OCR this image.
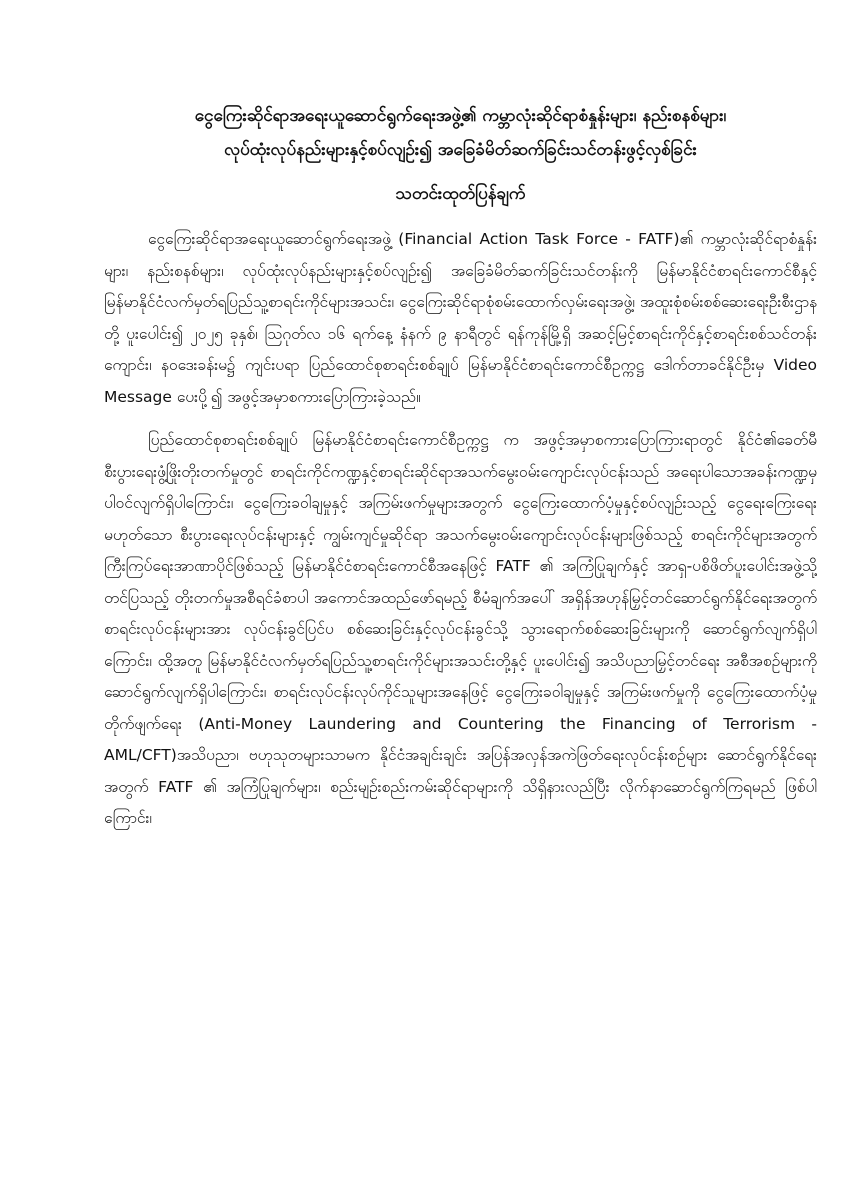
ငွေကြေးဆိုင်ရာအရေးယူဆောင်ရွက်ရေးအဖွဲ့၏ ကမ္ဘာလုံးဆိုင်ရာစံနှုန်းများ၊ နည်းစနစ်များ၊

လုပ်ထုံးလုပ်နည်းများနှင့်စပ်လျဉ်း၍ အခြေခံမိတ်ဆက်ခြင်းသင်တန်းဖွင့်လှစ်ခြင်း

သတင်းထုတ်ပြန်ချက်

ငွေကြေးဆိုင်ရာအရေးယူဆောင်ရွက်ရေးအဖွဲ့ (Financial Action Task Force - FATF)၏ ကမ္ဘာလုံးဆိုင်ရာစံနှုန်းများ၊ နည်းစနစ်များ၊ လုပ်ထုံးလုပ်နည်းများနှင့်စပ်လျဉ်း၍ အခြေခံမိတ်ဆက်ခြင်းသင်တန်းကို မြန်မာနိုင်ငံစာရင်းကောင်စီနှင့် မြန်မာနိုင်ငံလက်မှတ်ရပြည်သူ့စာရင်းကိုင်များအသင်း၊ ငွေကြေးဆိုင်ရာစုံစမ်းထောက်လှမ်းရေးအဖွဲ့၊ အထူးစုံစမ်းစစ်ဆေးရေးဦးစီးဌာနတို့ ပူးပေါင်း၍ ၂၀၂၅ ခုနှစ်၊ ဩဂုတ်လ ၁၆ ရက်နေ့ နံနက် ၉ နာရီတွင် ရန်ကုန်မြို့ရှိ အဆင့်မြင့်စာရင်းကိုင်နှင့်စာရင်းစစ်သင်တန်းကျောင်း၊ နဝဒေးခန်းမ၌ ကျင်းပရာ ပြည်ထောင်စုစာရင်းစစ်ချုပ် မြန်မာနိုင်ငံစာရင်းကောင်စီဥက္ကဋ္ဌ ဒေါက်တာခင်နိုင်ဦးမှ Video Message ပေးပို့၍ အဖွင့်အမှာစကားပြောကြားခဲ့သည်။

ပြည်ထောင်စုစာရင်းစစ်ချုပ် မြန်မာနိုင်ငံစာရင်းကောင်စီဥက္ကဋ္ဌ က အဖွင့်အမှာစကားပြောကြားရာတွင် နိုင်ငံ၏ခေတ်မီစီးပွားရေးဖွံ့ဖြိုးတိုးတက်မှုတွင် စာရင်းကိုင်ကဏ္ဍနှင့်စာရင်းဆိုင်ရာအသက်မွေးဝမ်းကျောင်းလုပ်ငန်းသည် အရေးပါသောအခန်းကဏ္ဍမှ ပါဝင်လျက်ရှိပါကြောင်း၊ ငွေကြေးခဝါချမှုနှင့် အကြမ်းဖက်မှုများအတွက် ငွေကြေးထောက်ပံ့မှုနှင့်စပ်လျဉ်းသည့် ငွေရေးကြေးရေးမဟုတ်သော စီးပွားရေးလုပ်ငန်းများနှင့် ကျွမ်းကျင်မှုဆိုင်ရာ အသက်မွေးဝမ်းကျောင်းလုပ်ငန်းများဖြစ်သည့် စာရင်းကိုင်များအတွက် ကြီးကြပ်ရေးအာဏာပိုင်ဖြစ်သည့် မြန်မာနိုင်ငံစာရင်းကောင်စီအနေဖြင့် FATF ၏ အကြံပြုချက်နှင့် အာရှ-ပစိဖိတ်ပူးပေါင်းအဖွဲ့သို့ တင်ပြသည့် တိုးတက်မှုအစီရင်ခံစာပါ အကောင်အထည်ဖော်ရမည့် စီမံချက်အပေါ် အရှိန်အဟုန်မြှင့်တင်ဆောင်ရွက်နိုင်ရေးအတွက် စာရင်းလုပ်ငန်းများအား လုပ်ငန်းခွင်ပြင်ပ စစ်ဆေးခြင်းနှင့်လုပ်ငန်းခွင်သို့ သွားရောက်စစ်ဆေးခြင်းများကို ဆောင်ရွက်လျက်ရှိပါကြောင်း၊ ထို့အတူ မြန်မာနိုင်ငံလက်မှတ်ရပြည်သူ့စာရင်းကိုင်များအသင်းတို့နှင့် ပူးပေါင်း၍ အသိပညာမြှင့်တင်ရေး အစီအစဉ်များကို ဆောင်ရွက်လျက်ရှိပါကြောင်း၊ စာရင်းလုပ်ငန်းလုပ်ကိုင်သူများအနေဖြင့် ငွေကြေးခဝါချမှုနှင့် အကြမ်းဖက်မှုကို ငွေကြေးထောက်ပံ့မှုတိုက်ဖျက်ရေး (Anti-Money Laundering and Countering the Financing of Terrorism -AML/CFT)အသိပညာ၊ ဗဟုသုတများသာမက နိုင်ငံအချင်းချင်း အပြန်အလှန်အကဲဖြတ်ရေးလုပ်ငန်းစဉ်များ ဆောင်ရွက်နိုင်ရေးအတွက် FATF ၏ အကြံပြုချက်များ၊ စည်းမျဉ်းစည်းကမ်းဆိုင်ရာများကို သိရှိနားလည်ပြီး လိုက်နာဆောင်ရွက်ကြရမည် ဖြစ်ပါကြောင်း၊
